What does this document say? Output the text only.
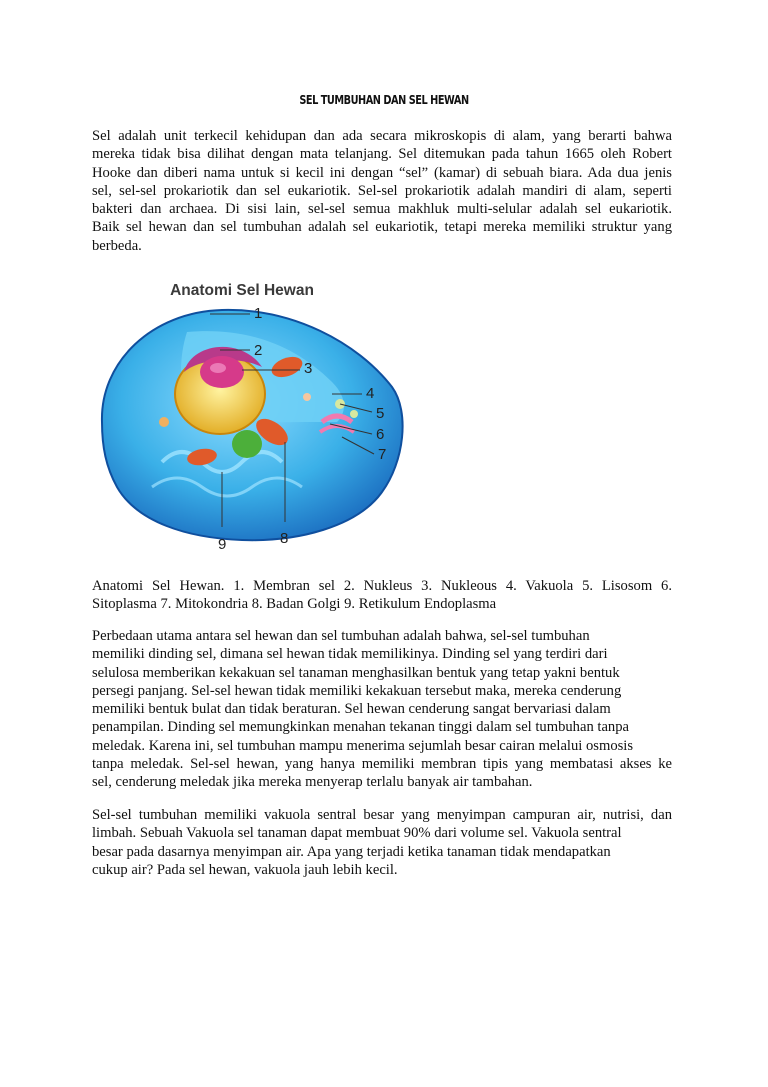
SEL TUMBUHAN DAN SEL HEWAN
Sel adalah unit terkecil kehidupan dan ada secara mikroskopis di alam, yang berarti bahwa
mereka tidak bisa dilihat dengan mata telanjang. Sel ditemukan pada tahun 1665 oleh Robert
Hooke dan diberi nama untuk si kecil ini dengan “sel” (kamar) di sebuah biara. Ada dua jenis
sel, sel-sel prokariotik dan sel eukariotik. Sel-sel prokariotik adalah mandiri di alam, seperti
bakteri dan archaea. Di sisi lain, sel-sel semua makhluk multi-selular adalah sel eukariotik.
Baik sel hewan dan sel tumbuhan adalah sel eukariotik, tetapi mereka memiliki struktur yang
berbeda.
Anatomi Sel Hewan
1
2
3
4
5
6
7
8
9
Anatomi Sel Hewan. 1. Membran sel 2. Nukleus 3. Nukleous 4. Vakuola 5. Lisosom 6.
Sitoplasma 7. Mitokondria 8. Badan Golgi 9. Retikulum Endoplasma
Perbedaan utama antara sel hewan dan sel tumbuhan adalah bahwa, sel-sel tumbuhan
memiliki dinding sel, dimana sel hewan tidak memilikinya. Dinding sel yang terdiri dari
selulosa memberikan kekakuan sel tanaman menghasilkan bentuk yang tetap yakni bentuk
persegi panjang. Sel-sel hewan tidak memiliki kekakuan tersebut maka, mereka cenderung
memiliki bentuk bulat dan tidak beraturan. Sel hewan cenderung sangat bervariasi dalam
penampilan. Dinding sel memungkinkan menahan tekanan tinggi dalam sel tumbuhan tanpa
meledak. Karena ini, sel tumbuhan mampu menerima sejumlah besar cairan melalui osmosis
tanpa meledak. Sel-sel hewan, yang hanya memiliki membran tipis yang membatasi akses ke
sel, cenderung meledak jika mereka menyerap terlalu banyak air tambahan.
Sel-sel tumbuhan memiliki vakuola sentral besar yang menyimpan campuran air, nutrisi, dan
limbah. Sebuah Vakuola sel tanaman dapat membuat 90% dari volume sel. Vakuola sentral
besar pada dasarnya menyimpan air. Apa yang terjadi ketika tanaman tidak mendapatkan
cukup air? Pada sel hewan, vakuola jauh lebih kecil.
